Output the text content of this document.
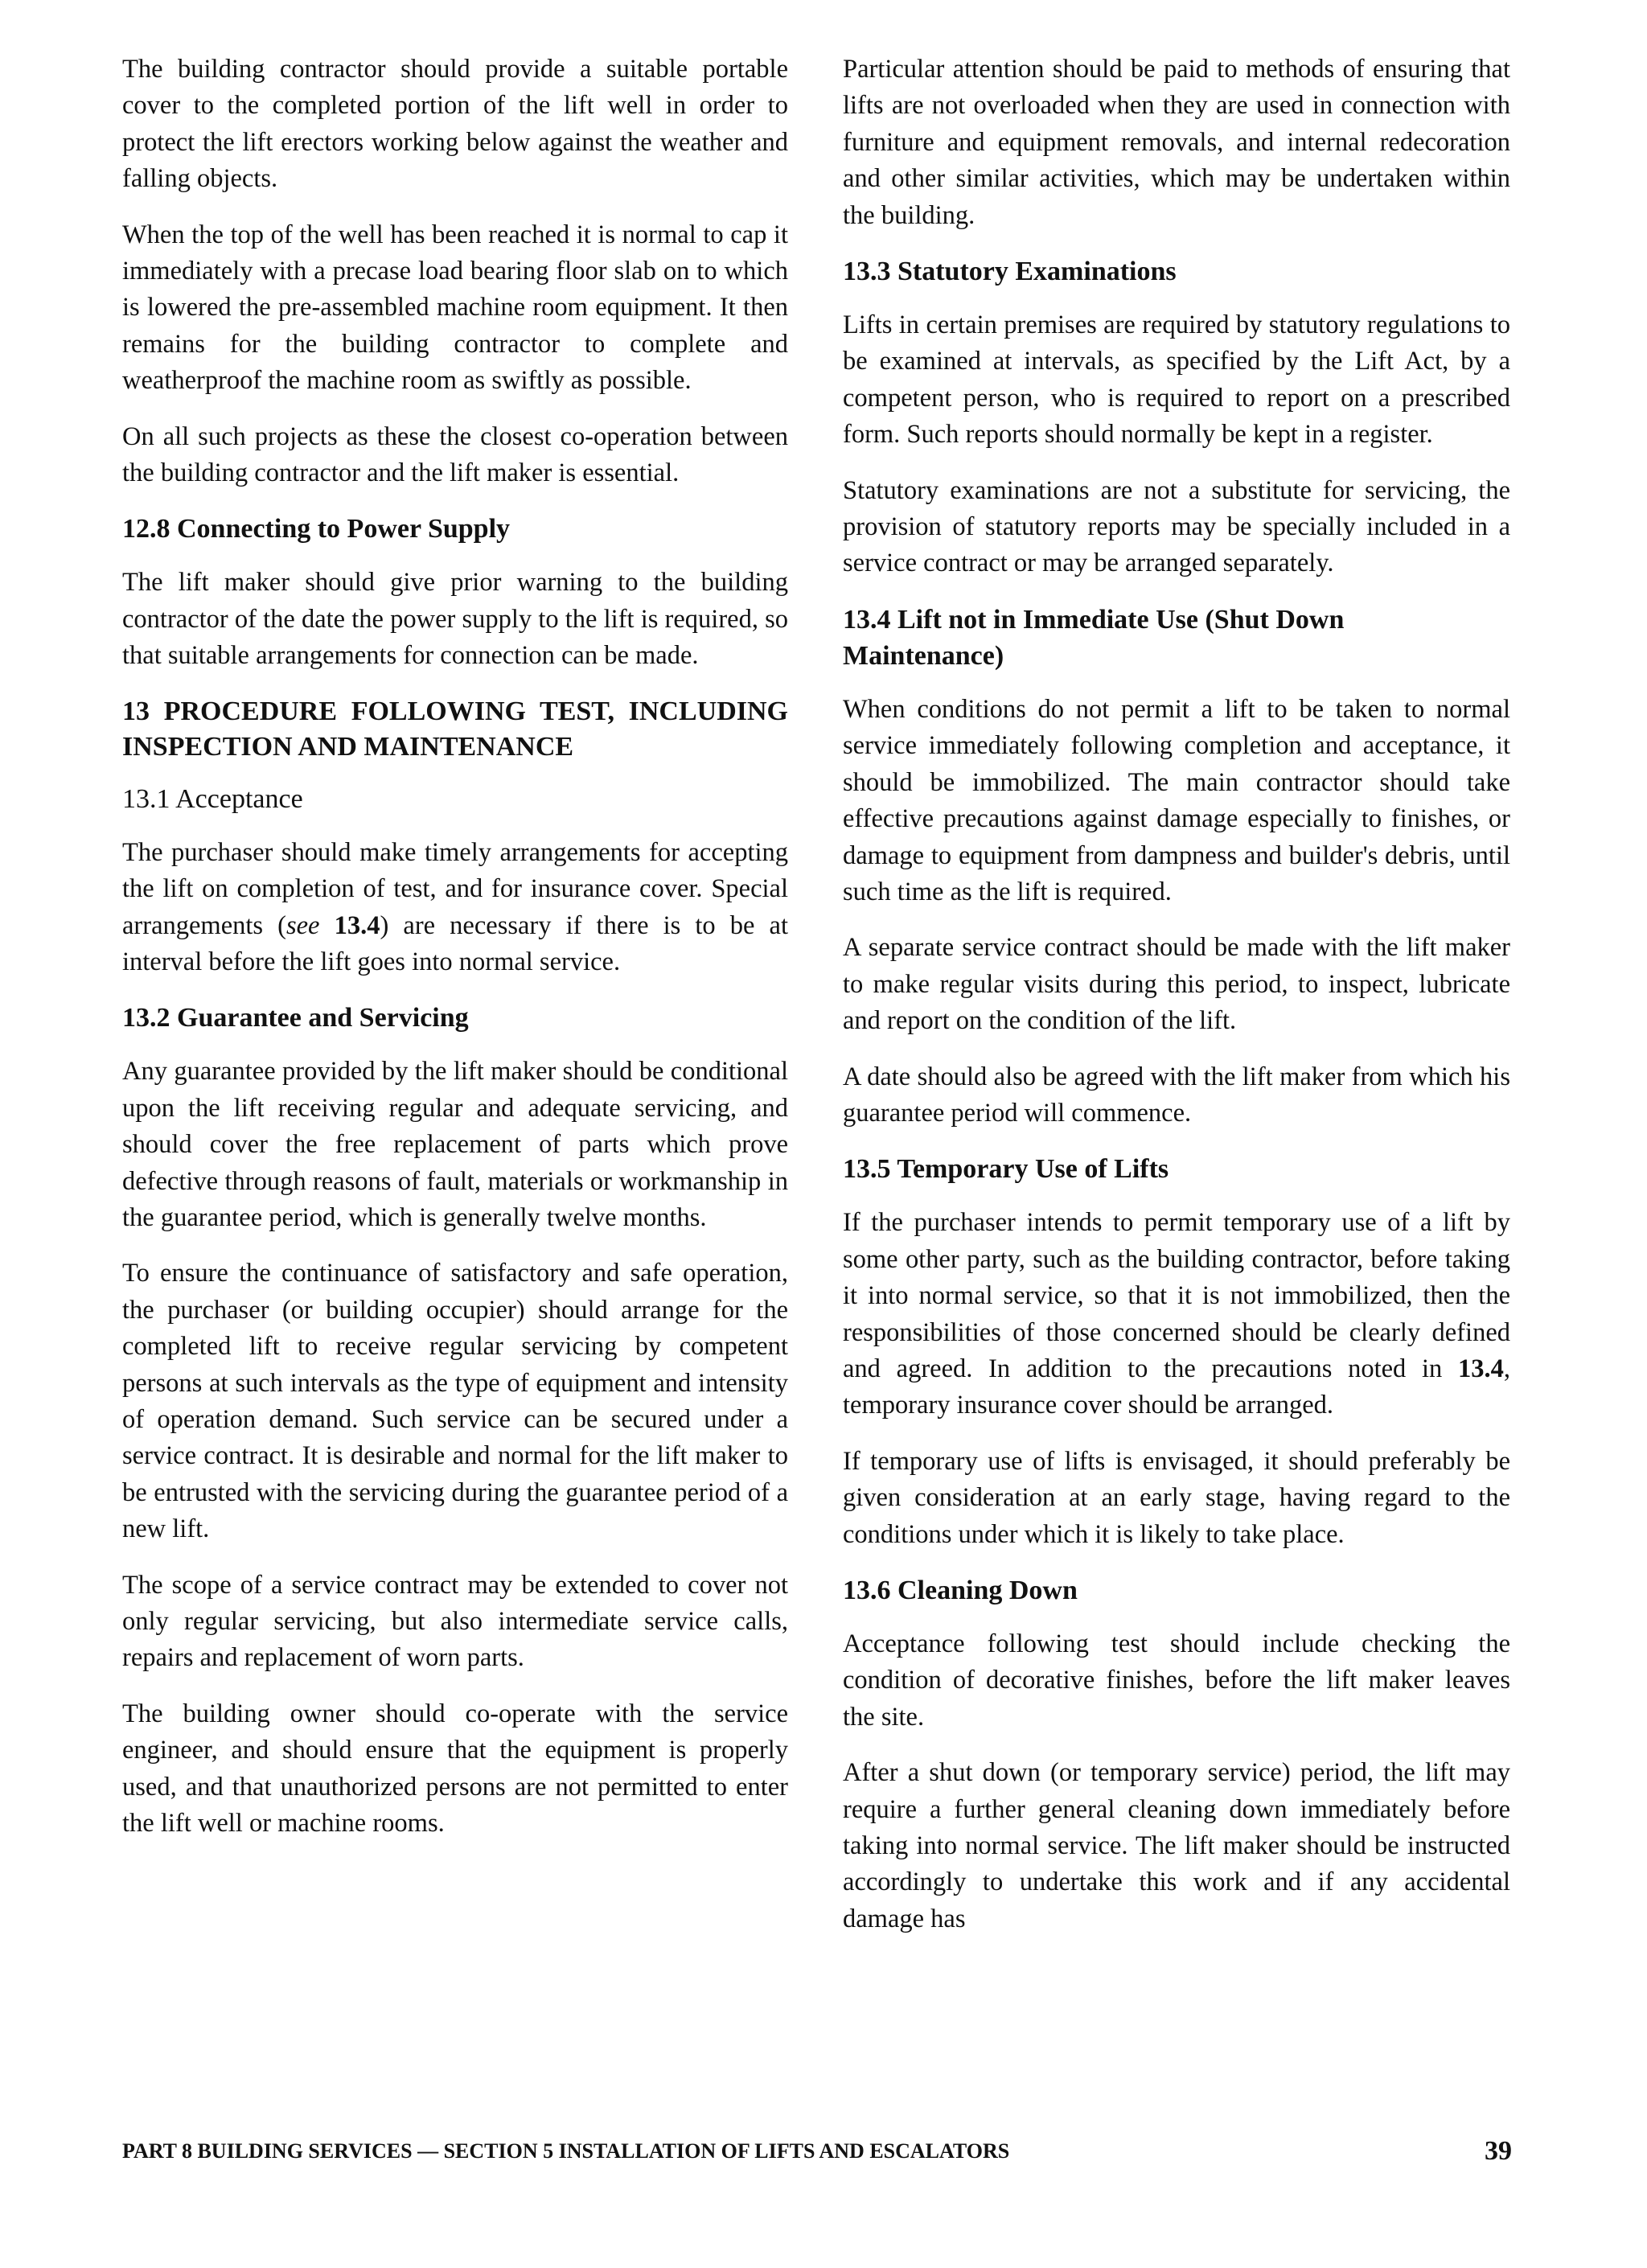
The building contractor should provide a suitable portable cover to the completed portion of the lift well in order to protect the lift erectors working below against the weather and falling objects.

When the top of the well has been reached it is normal to cap it immediately with a precase load bearing floor slab on to which is lowered the pre-assembled machine room equipment. It then remains for the building contractor to complete and weatherproof the machine room as swiftly as possible.

On all such projects as these the closest co-operation between the building contractor and the lift maker is essential.

12.8 Connecting to Power Supply

The lift maker should give prior warning to the building contractor of the date the power supply to the lift is required, so that suitable arrangements for connection can be made.

13 PROCEDURE FOLLOWING TEST, INCLUDING INSPECTION AND MAINTENANCE
13.1 Acceptance

The purchaser should make timely arrangements for accepting the lift on completion of test, and for insurance cover. Special arrangements (see 13.4) are necessary if there is to be at interval before the lift goes into normal service.

13.2 Guarantee and Servicing

Any guarantee provided by the lift maker should be conditional upon the lift receiving regular and adequate servicing, and should cover the free replacement of parts which prove defective through reasons of fault, materials or workmanship in the guarantee period, which is generally twelve months.

To ensure the continuance of satisfactory and safe operation, the purchaser (or building occupier) should arrange for the completed lift to receive regular servicing by competent persons at such intervals as the type of equipment and intensity of operation demand. Such service can be secured under a service contract. It is desirable and normal for the lift maker to be entrusted with the servicing during the guarantee period of a new lift.

The scope of a service contract may be extended to cover not only regular servicing, but also intermediate service calls, repairs and replacement of worn parts.

The building owner should co-operate with the service engineer, and should ensure that the equipment is properly used, and that unauthorized persons are not permitted to enter the lift well or machine rooms.

Particular attention should be paid to methods of ensuring that lifts are not overloaded when they are used in connection with furniture and equipment removals, and internal redecoration and other similar activities, which may be undertaken within the building.

13.3 Statutory Examinations

Lifts in certain premises are required by statutory regulations to be examined at intervals, as specified by the Lift Act, by a competent person, who is required to report on a prescribed form. Such reports should normally be kept in a register.

Statutory examinations are not a substitute for servicing, the provision of statutory reports may be specially included in a service contract or may be arranged separately.

13.4 Lift not in Immediate Use (Shut Down Maintenance)

When conditions do not permit a lift to be taken to normal service immediately following completion and acceptance, it should be immobilized. The main contractor should take effective precautions against damage especially to finishes, or damage to equipment from dampness and builder's debris, until such time as the lift is required.

A separate service contract should be made with the lift maker to make regular visits during this period, to inspect, lubricate and report on the condition of the lift.

A date should also be agreed with the lift maker from which his guarantee period will commence.

13.5 Temporary Use of Lifts

If the purchaser intends to permit temporary use of a lift by some other party, such as the building contractor, before taking it into normal service, so that it is not immobilized, then the responsibilities of those concerned should be clearly defined and agreed. In addition to the precautions noted in 13.4, temporary insurance cover should be arranged.

If temporary use of lifts is envisaged, it should preferably be given consideration at an early stage, having regard to the conditions under which it is likely to take place.

13.6 Cleaning Down

Acceptance following test should include checking the condition of decorative finishes, before the lift maker leaves the site.

After a shut down (or temporary service) period, the lift may require a further general cleaning down immediately before taking into normal service. The lift maker should be instructed accordingly to undertake this work and if any accidental damage has

PART 8 BUILDING SERVICES — SECTION 5 INSTALLATION OF LIFTS AND ESCALATORS	39
